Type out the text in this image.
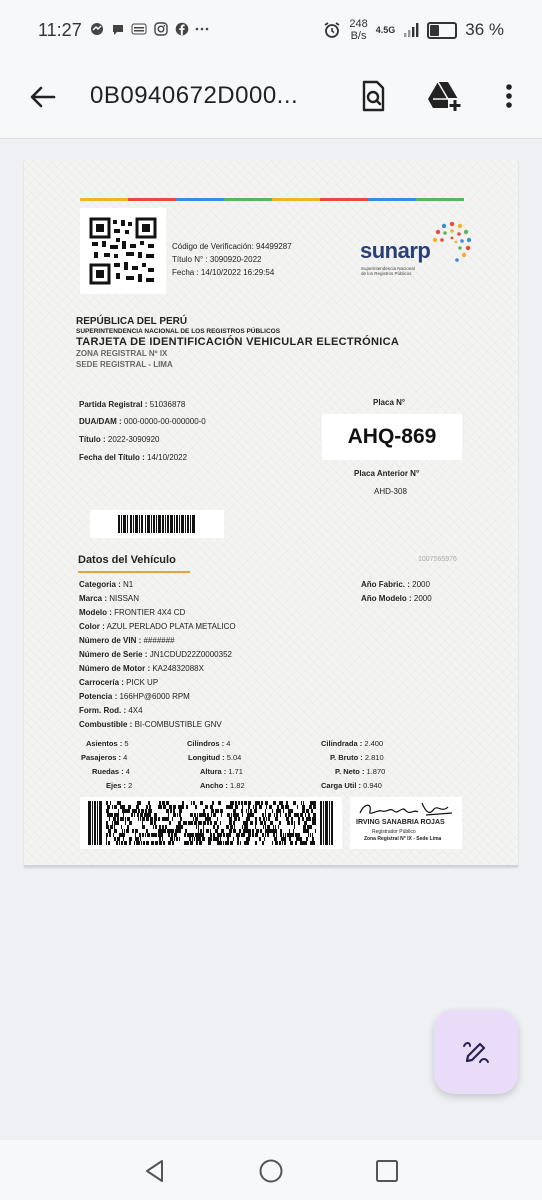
11:27
	248
B/s 4.5G	36 %
0B0940672D000...
Código de Verificación: 94499287
Título N° : 3090920-2022
Fecha : 14/10/2022 16:29:54
sunarp
Superintendencia Nacional de los Registros Públicos
REPÚBLICA DEL PERÚ
SUPERINTENDENCIA NACIONAL DE LOS REGISTROS PÚBLICOS
TARJETA DE IDENTIFICACIÓN VEHICULAR ELECTRÓNICA
ZONA REGISTRAL Nº IX
SEDE REGISTRAL - LIMA
Partida Registral : 51036878
DUA/DAM : 000-0000-00-000000-0
Título : 2022-3090920
Fecha del Título : 14/10/2022
Placa N°
AHQ-869
Placa Anterior N°
AHD-308
Datos del Vehículo	1007565976
Categoria : N1
Marca : NISSAN
Modelo : FRONTIER 4X4 CD
Color : AZUL PERLADO PLATA METALICO
Número de VIN : #######
Número de Serie : JN1CDUD22Z0000352
Número de Motor : KA24832088X
Carrocería : PICK UP
Potencia : 166HP@6000 RPM
Form. Rod. : 4X4
Combustible : BI-COMBUSTIBLE GNV
Año Fabric. : 2000
Año Modelo : 2000
Asientos : 5
Pasajeros : 4
Ruedas : 4
Ejes : 2
Cilindros : 4
Longitud : 5.04
Altura : 1.71
Ancho : 1.82
Cilindrada : 2.400
P. Bruto : 2.810
P. Neto : 1.870
Carga Util : 0.940
IRVING SANABRIA ROJAS
Registrador Público
Zona Registral N° IX - Sede Lima
